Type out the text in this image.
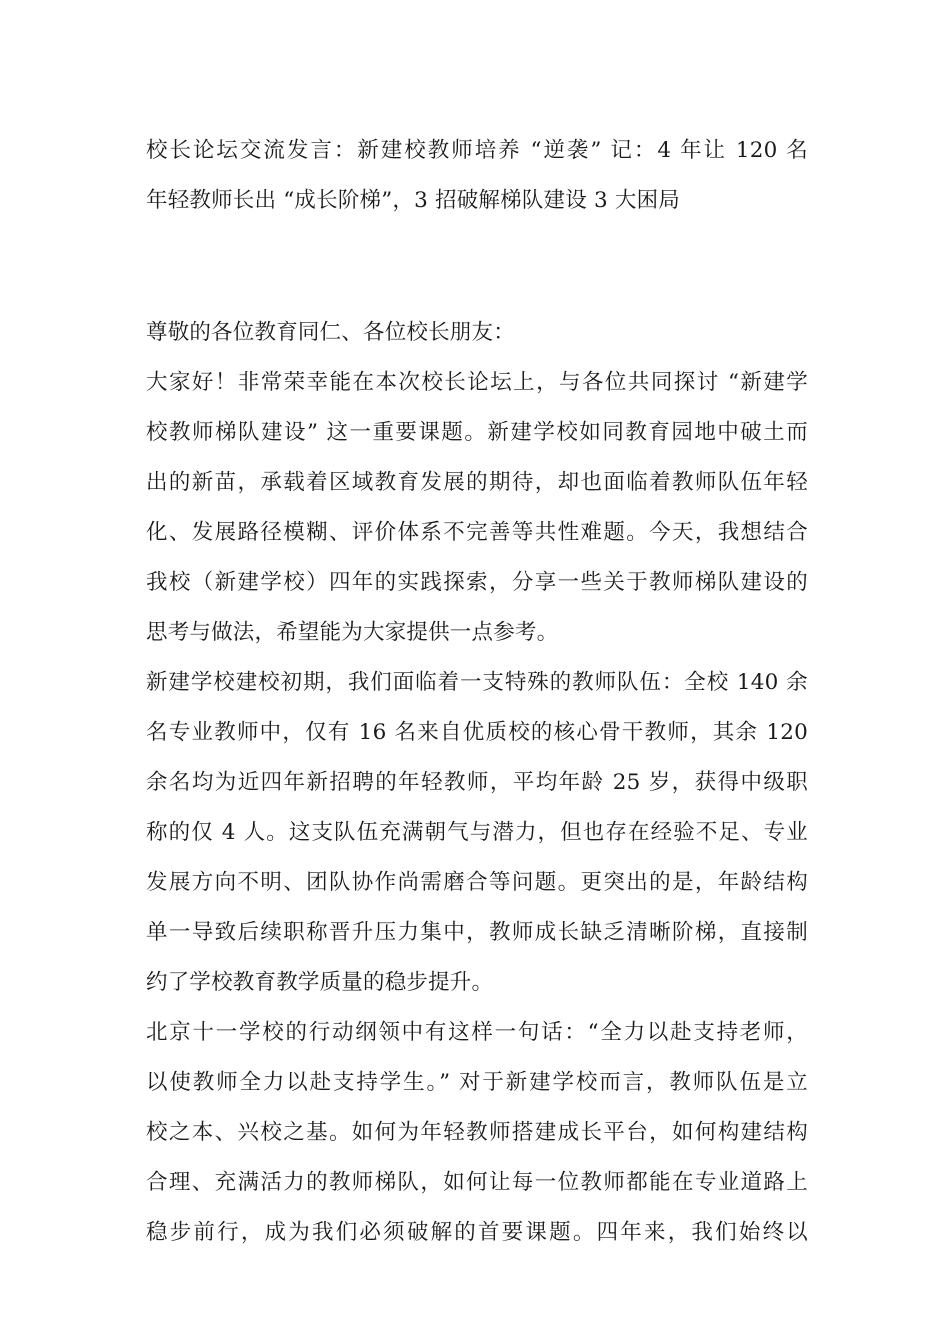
校长论坛交流发言：新建校教师培养 “逆袭” 记：4 年让 120 名
年轻教师长出 “成长阶梯”，3 招破解梯队建设 3 大困局
尊敬的各位教育同仁、各位校长朋友：
大家好！非常荣幸能在本次校长论坛上，与各位共同探讨 “新建学
校教师梯队建设” 这一重要课题。新建学校如同教育园地中破土而
出的新苗，承载着区域教育发展的期待，却也面临着教师队伍年轻
化、发展路径模糊、评价体系不完善等共性难题。今天，我想结合
我校（新建学校）四年的实践探索，分享一些关于教师梯队建设的
思考与做法，希望能为大家提供一点参考。
新建学校建校初期，我们面临着一支特殊的教师队伍：全校 140 余
名专业教师中，仅有 16 名来自优质校的核心骨干教师，其余 120
余名均为近四年新招聘的年轻教师，平均年龄 25 岁，获得中级职
称的仅 4 人。这支队伍充满朝气与潜力，但也存在经验不足、专业
发展方向不明、团队协作尚需磨合等问题。更突出的是，年龄结构
单一导致后续职称晋升压力集中，教师成长缺乏清晰阶梯，直接制
约了学校教育教学质量的稳步提升。
北京十一学校的行动纲领中有这样一句话：“全力以赴支持老师，
以使教师全力以赴支持学生。” 对于新建学校而言，教师队伍是立
校之本、兴校之基。如何为年轻教师搭建成长平台，如何构建结构
合理、充满活力的教师梯队，如何让每一位教师都能在专业道路上
稳步前行，成为我们必须破解的首要课题。四年来，我们始终以
